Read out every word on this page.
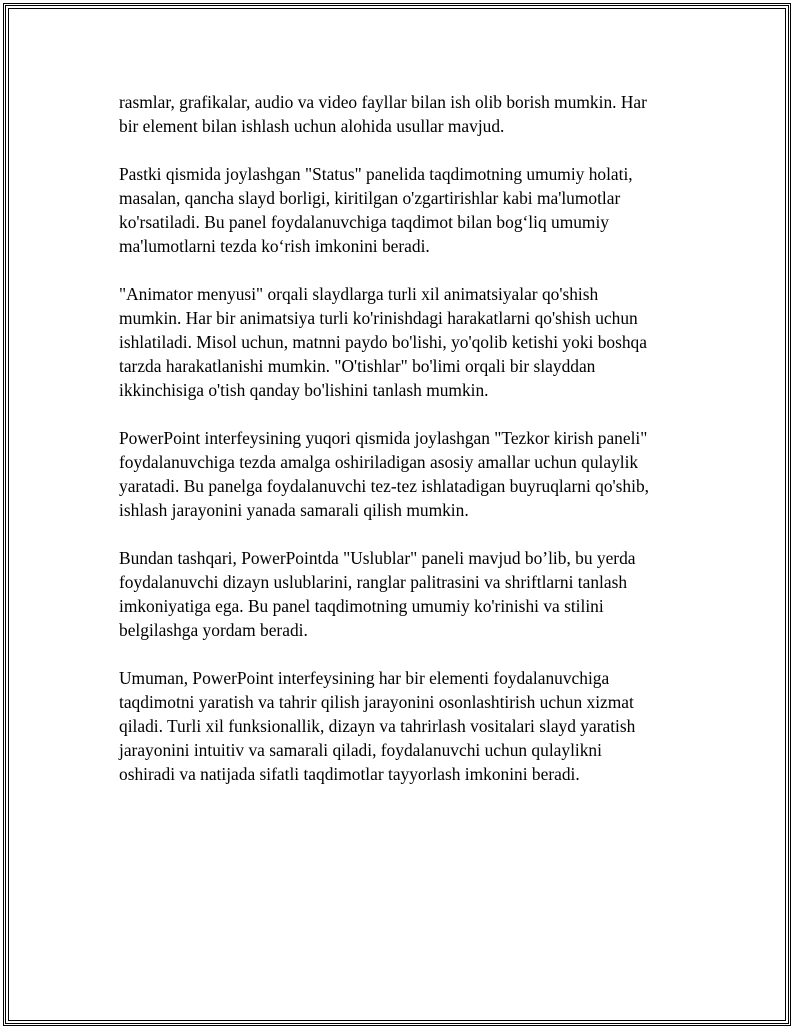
rasmlar, grafikalar, audio va video fayllar bilan ish olib borish mumkin. Har
bir element bilan ishlash uchun alohida usullar mavjud.

Pastki qismida joylashgan "Status" panelida taqdimotning umumiy holati,
masalan, qancha slayd borligi, kiritilgan o'zgartirishlar kabi ma'lumotlar
ko'rsatiladi. Bu panel foydalanuvchiga taqdimot bilan bog‘liq umumiy
ma'lumotlarni tezda ko‘rish imkonini beradi.

"Animator menyusi" orqali slaydlarga turli xil animatsiyalar qo'shish
mumkin. Har bir animatsiya turli ko'rinishdagi harakatlarni qo'shish uchun
ishlatiladi. Misol uchun, matnni paydo bo'lishi, yo'qolib ketishi yoki boshqa
tarzda harakatlanishi mumkin. "O'tishlar" bo'limi orqali bir slayddan
ikkinchisiga o'tish qanday bo'lishini tanlash mumkin.

PowerPoint interfeysining yuqori qismida joylashgan "Tezkor kirish paneli"
foydalanuvchiga tezda amalga oshiriladigan asosiy amallar uchun qulaylik
yaratadi. Bu panelga foydalanuvchi tez-tez ishlatadigan buyruqlarni qo'shib,
ishlash jarayonini yanada samarali qilish mumkin.

Bundan tashqari, PowerPointda "Uslublar" paneli mavjud bo’lib, bu yerda
foydalanuvchi dizayn uslublarini, ranglar palitrasini va shriftlarni tanlash
imkoniyatiga ega. Bu panel taqdimotning umumiy ko'rinishi va stilini
belgilashga yordam beradi.

Umuman, PowerPoint interfeysining har bir elementi foydalanuvchiga
taqdimotni yaratish va tahrir qilish jarayonini osonlashtirish uchun xizmat
qiladi. Turli xil funksionallik, dizayn va tahrirlash vositalari slayd yaratish
jarayonini intuitiv va samarali qiladi, foydalanuvchi uchun qulaylikni
oshiradi va natijada sifatli taqdimotlar tayyorlash imkonini beradi.
